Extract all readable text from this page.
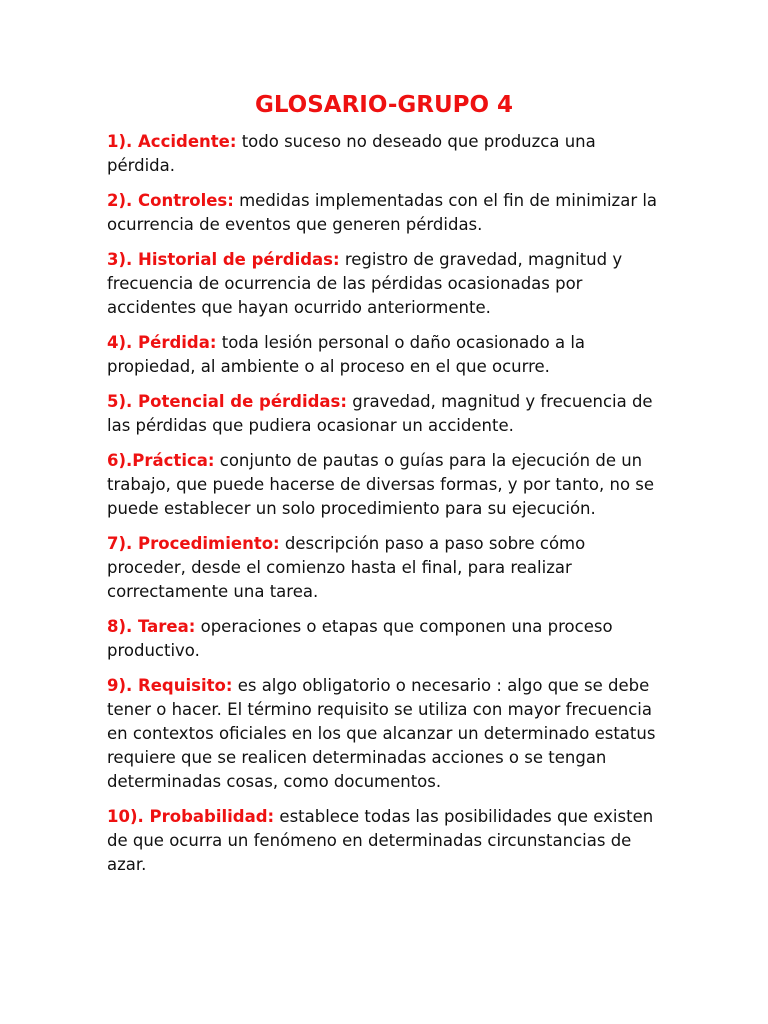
GLOSARIO-GRUPO 4
1). Accidente: todo suceso no deseado que produzca una pérdida.
2). Controles: medidas implementadas con el fin de minimizar la ocurrencia de eventos que generen pérdidas.
3). Historial de pérdidas: registro de gravedad, magnitud y frecuencia de ocurrencia de las pérdidas ocasionadas por accidentes que hayan ocurrido anteriormente.
4). Pérdida: toda lesión personal o daño ocasionado a la propiedad, al ambiente o al proceso en el que ocurre.
5). Potencial de pérdidas: gravedad, magnitud y frecuencia de las pérdidas que pudiera ocasionar un accidente.
6).Práctica: conjunto de pautas o guías para la ejecución de un trabajo, que puede hacerse de diversas formas, y por tanto, no se puede establecer un solo procedimiento para su ejecución.
7). Procedimiento: descripción paso a paso sobre cómo proceder, desde el comienzo hasta el final, para realizar correctamente una tarea.
8). Tarea: operaciones o etapas que componen una proceso productivo.
9). Requisito: es algo obligatorio o necesario : algo que se debe tener o hacer. El término requisito se utiliza con mayor frecuencia en contextos oficiales en los que alcanzar un determinado estatus requiere que se realicen determinadas acciones o se tengan determinadas cosas, como documentos.
10). Probabilidad: establece todas las posibilidades que existen de que ocurra un fenómeno en determinadas circunstancias de azar.
